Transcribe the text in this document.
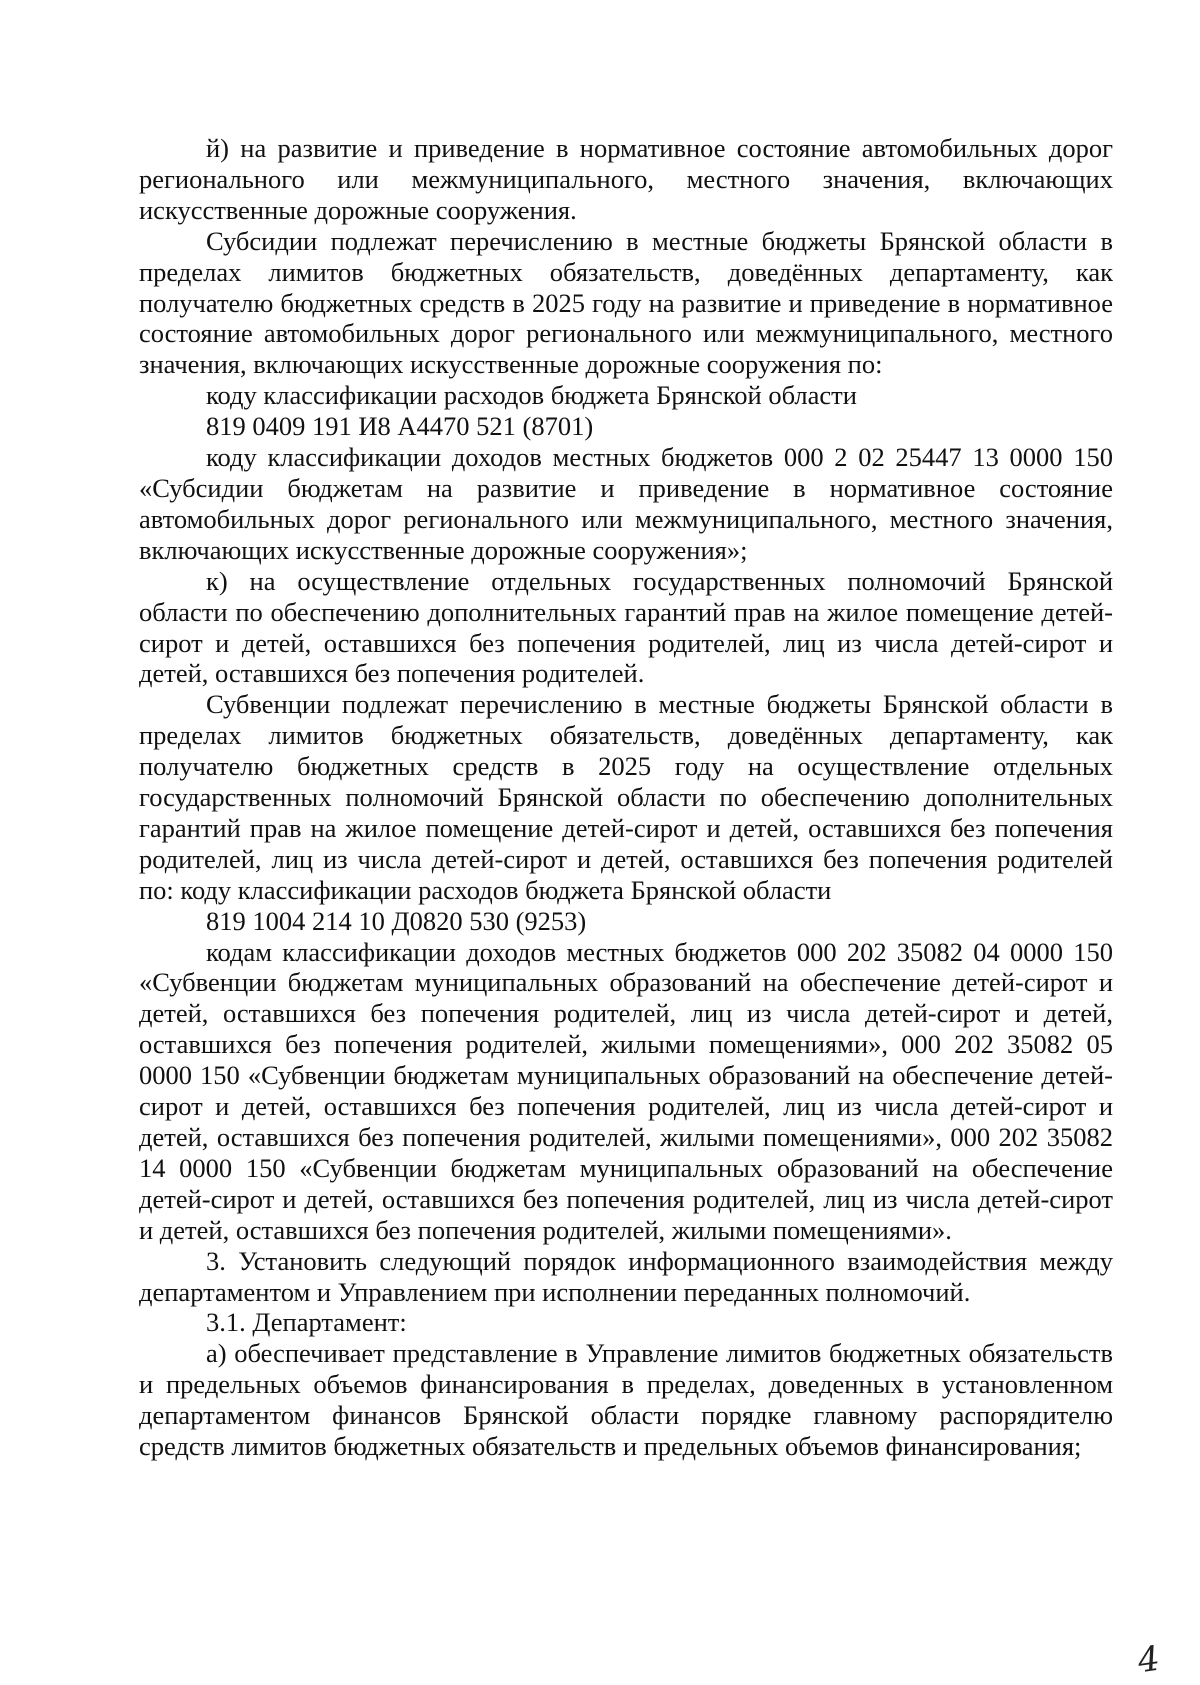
й) на развитие и приведение в нормативное состояние автомобильных дорог регионального или межмуниципального, местного значения, включающих искусственные дорожные сооружения.

Субсидии подлежат перечислению в местные бюджеты Брянской области в пределах лимитов бюджетных обязательств, доведённых департаменту, как получателю бюджетных средств в 2025 году на развитие и приведение в нормативное состояние автомобильных дорог регионального или межмуниципального, местного значения, включающих искусственные дорожные сооружения по:

коду классификации расходов бюджета Брянской области

819 0409 191 И8 А4470 521 (8701)

коду классификации доходов местных бюджетов 000 2 02 25447 13 0000 150 «Субсидии бюджетам на развитие и приведение в нормативное состояние автомобильных дорог регионального или межмуниципального, местного значения, включающих искусственные дорожные сооружения»;

к) на осуществление отдельных государственных полномочий Брянской области по обеспечению дополнительных гарантий прав на жилое помещение детей-сирот и детей, оставшихся без попечения родителей, лиц из числа детей-сирот и детей, оставшихся без попечения родителей.

Субвенции подлежат перечислению в местные бюджеты Брянской области в пределах лимитов бюджетных обязательств, доведённых департаменту, как получателю бюджетных средств в 2025 году на осуществление отдельных государственных полномочий Брянской области по обеспечению дополнительных гарантий прав на жилое помещение детей-сирот и детей, оставшихся без попечения родителей, лиц из числа детей-сирот и детей, оставшихся без попечения родителей по: коду классификации расходов бюджета Брянской области

819 1004 214 10 Д0820 530 (9253)

кодам классификации доходов местных бюджетов 000 202 35082 04 0000 150 «Субвенции бюджетам муниципальных образований на обеспечение детей-сирот и детей, оставшихся без попечения родителей, лиц из числа детей-сирот и детей, оставшихся без попечения родителей, жилыми помещениями», 000 202 35082 05 0000 150 «Субвенции бюджетам муниципальных образований на обеспечение детей-сирот и детей, оставшихся без попечения родителей, лиц из числа детей-сирот и детей, оставшихся без попечения родителей, жилыми помещениями», 000 202 35082 14 0000 150 «Субвенции бюджетам муниципальных образований на обеспечение детей-сирот и детей, оставшихся без попечения родителей, лиц из числа детей-сирот и детей, оставшихся без попечения родителей, жилыми помещениями».

3. Установить следующий порядок информационного взаимодействия между департаментом и Управлением при исполнении переданных полномочий.

3.1. Департамент:

а) обеспечивает представление в Управление лимитов бюджетных обязательств и предельных объемов финансирования в пределах, доведенных в установленном департаментом финансов Брянской области порядке главному распорядителю средств лимитов бюджетных обязательств и предельных объемов финансирования;

4
